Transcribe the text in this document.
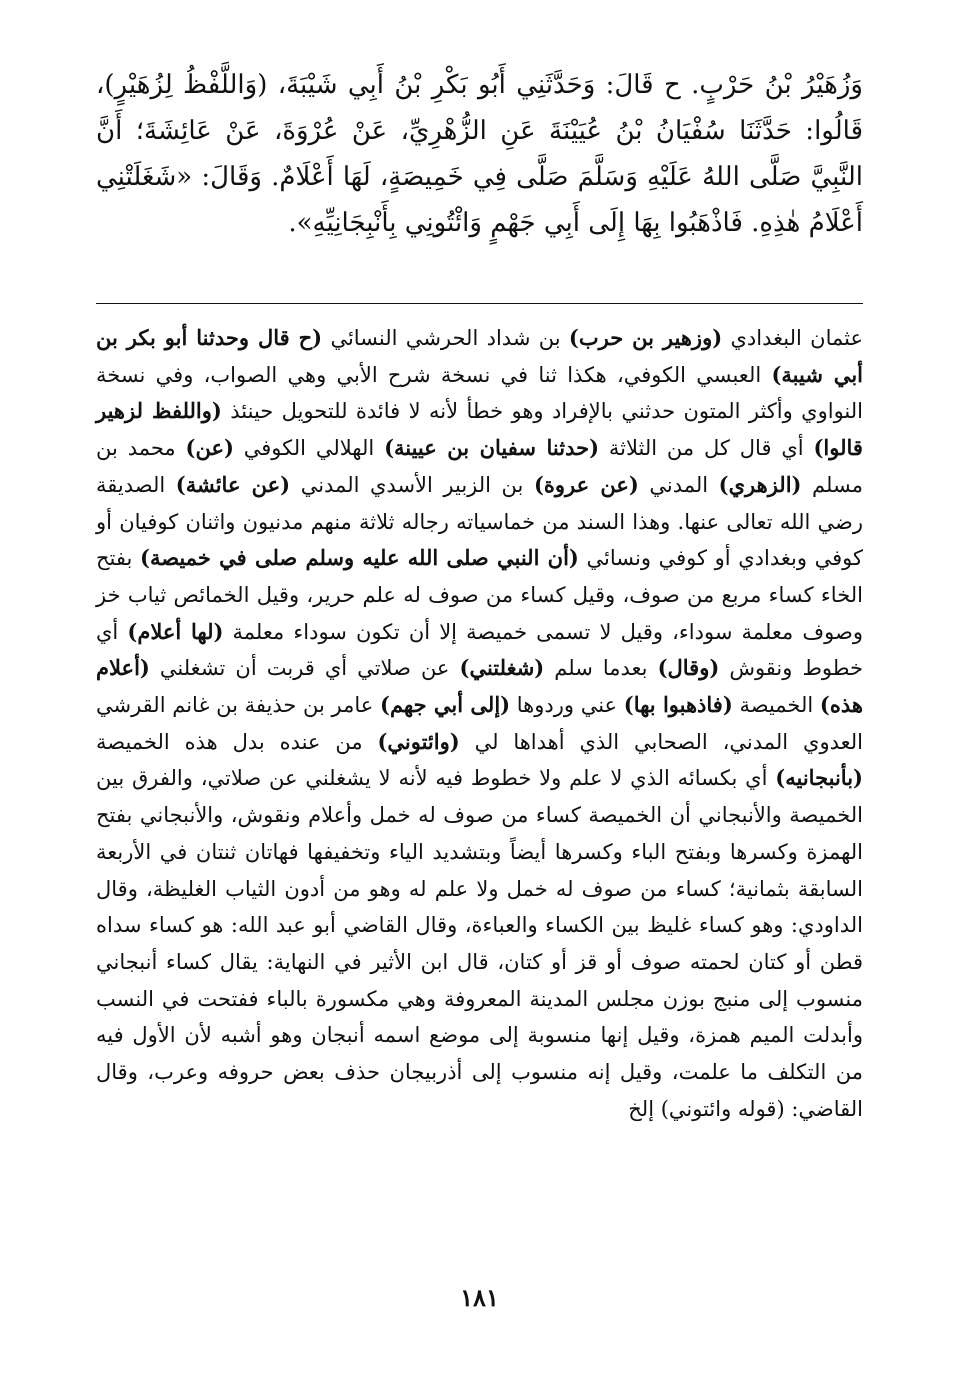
وَزُهَيْرُ بْنُ حَرْبٍ. ح قَالَ: وَحَدَّثَنِي أَبُو بَكْرِ بْنُ أَبِي شَيْبَةَ، (وَاللَّفْظُ لِزُهَيْرٍ)، قَالُوا: حَدَّثَنَا سُفْيَانُ بْنُ عُيَيْنَةَ عَنِ الزُّهْرِيِّ، عَنْ عُرْوَةَ، عَنْ عَائِشَةَ؛ أَنَّ النَّبِيَّ صَلَّى اللهُ عَلَيْهِ وَسَلَّمَ صَلَّى فِي خَمِيصَةٍ، لَهَا أَعْلَامٌ. وَقَالَ: «شَغَلَتْنِي أَعْلَامُ هٰذِهِ. فَاذْهَبُوا بِهَا إِلَى أَبِي جَهْمٍ وَائْتُونِي بِأَنْبِجَانِيِّهِ».

عثمان البغدادي (وزهير بن حرب) بن شداد الحرشي النسائي (ح قال وحدثنا أبو بكر بن أبي شيبة) العبسي الكوفي، هكذا ثنا في نسخة شرح الأبي وهي الصواب، وفي نسخة النواوي وأكثر المتون حدثني بالإفراد وهو خطأ لأنه لا فائدة للتحويل حينئذ (واللفظ لزهير قالوا) أي قال كل من الثلاثة (حدثنا سفيان بن عيينة) الهلالي الكوفي (عن) محمد بن مسلم (الزهري) المدني (عن عروة) بن الزبير الأسدي المدني (عن عائشة) الصديقة رضي الله تعالى عنها. وهذا السند من خماسياته رجاله ثلاثة منهم مدنيون واثنان كوفيان أو كوفي وبغدادي أو كوفي ونسائي (أن النبي صلى الله عليه وسلم صلى في خميصة) بفتح الخاء كساء مربع من صوف، وقيل كساء من صوف له علم حرير، وقيل الخمائص ثياب خز وصوف معلمة سوداء، وقيل لا تسمى خميصة إلا أن تكون سوداء معلمة (لها أعلام) أي خطوط ونقوش (وقال) بعدما سلم (شغلتني) عن صلاتي أي قربت أن تشغلني (أعلام هذه) الخميصة (فاذهبوا بها) عني وردوها (إلى أبي جهم) عامر بن حذيفة بن غانم القرشي العدوي المدني، الصحابي الذي أهداها لي (وائتوني) من عنده بدل هذه الخميصة (بأنبجانيه) أي بكسائه الذي لا علم ولا خطوط فيه لأنه لا يشغلني عن صلاتي، والفرق بين الخميصة والأنبجاني أن الخميصة كساء من صوف له خمل وأعلام ونقوش، والأنبجاني بفتح الهمزة وكسرها وبفتح الباء وكسرها أيضاً وبتشديد الياء وتخفيفها فهاتان ثنتان في الأربعة السابقة بثمانية؛ كساء من صوف له خمل ولا علم له وهو من أدون الثياب الغليظة، وقال الداودي: وهو كساء غليظ بين الكساء والعباءة، وقال القاضي أبو عبد الله: هو كساء سداه قطن أو كتان لحمته صوف أو قز أو كتان، قال ابن الأثير في النهاية: يقال كساء أنبجاني منسوب إلى منبج بوزن مجلس المدينة المعروفة وهي مكسورة بالباء ففتحت في النسب وأبدلت الميم همزة، وقيل إنها منسوبة إلى موضع اسمه أنبجان وهو أشبه لأن الأول فيه من التكلف ما علمت، وقيل إنه منسوب إلى أذربيجان حذف بعض حروفه وعرب، وقال القاضي: (قوله وائتوني) إلخ

١٨١
